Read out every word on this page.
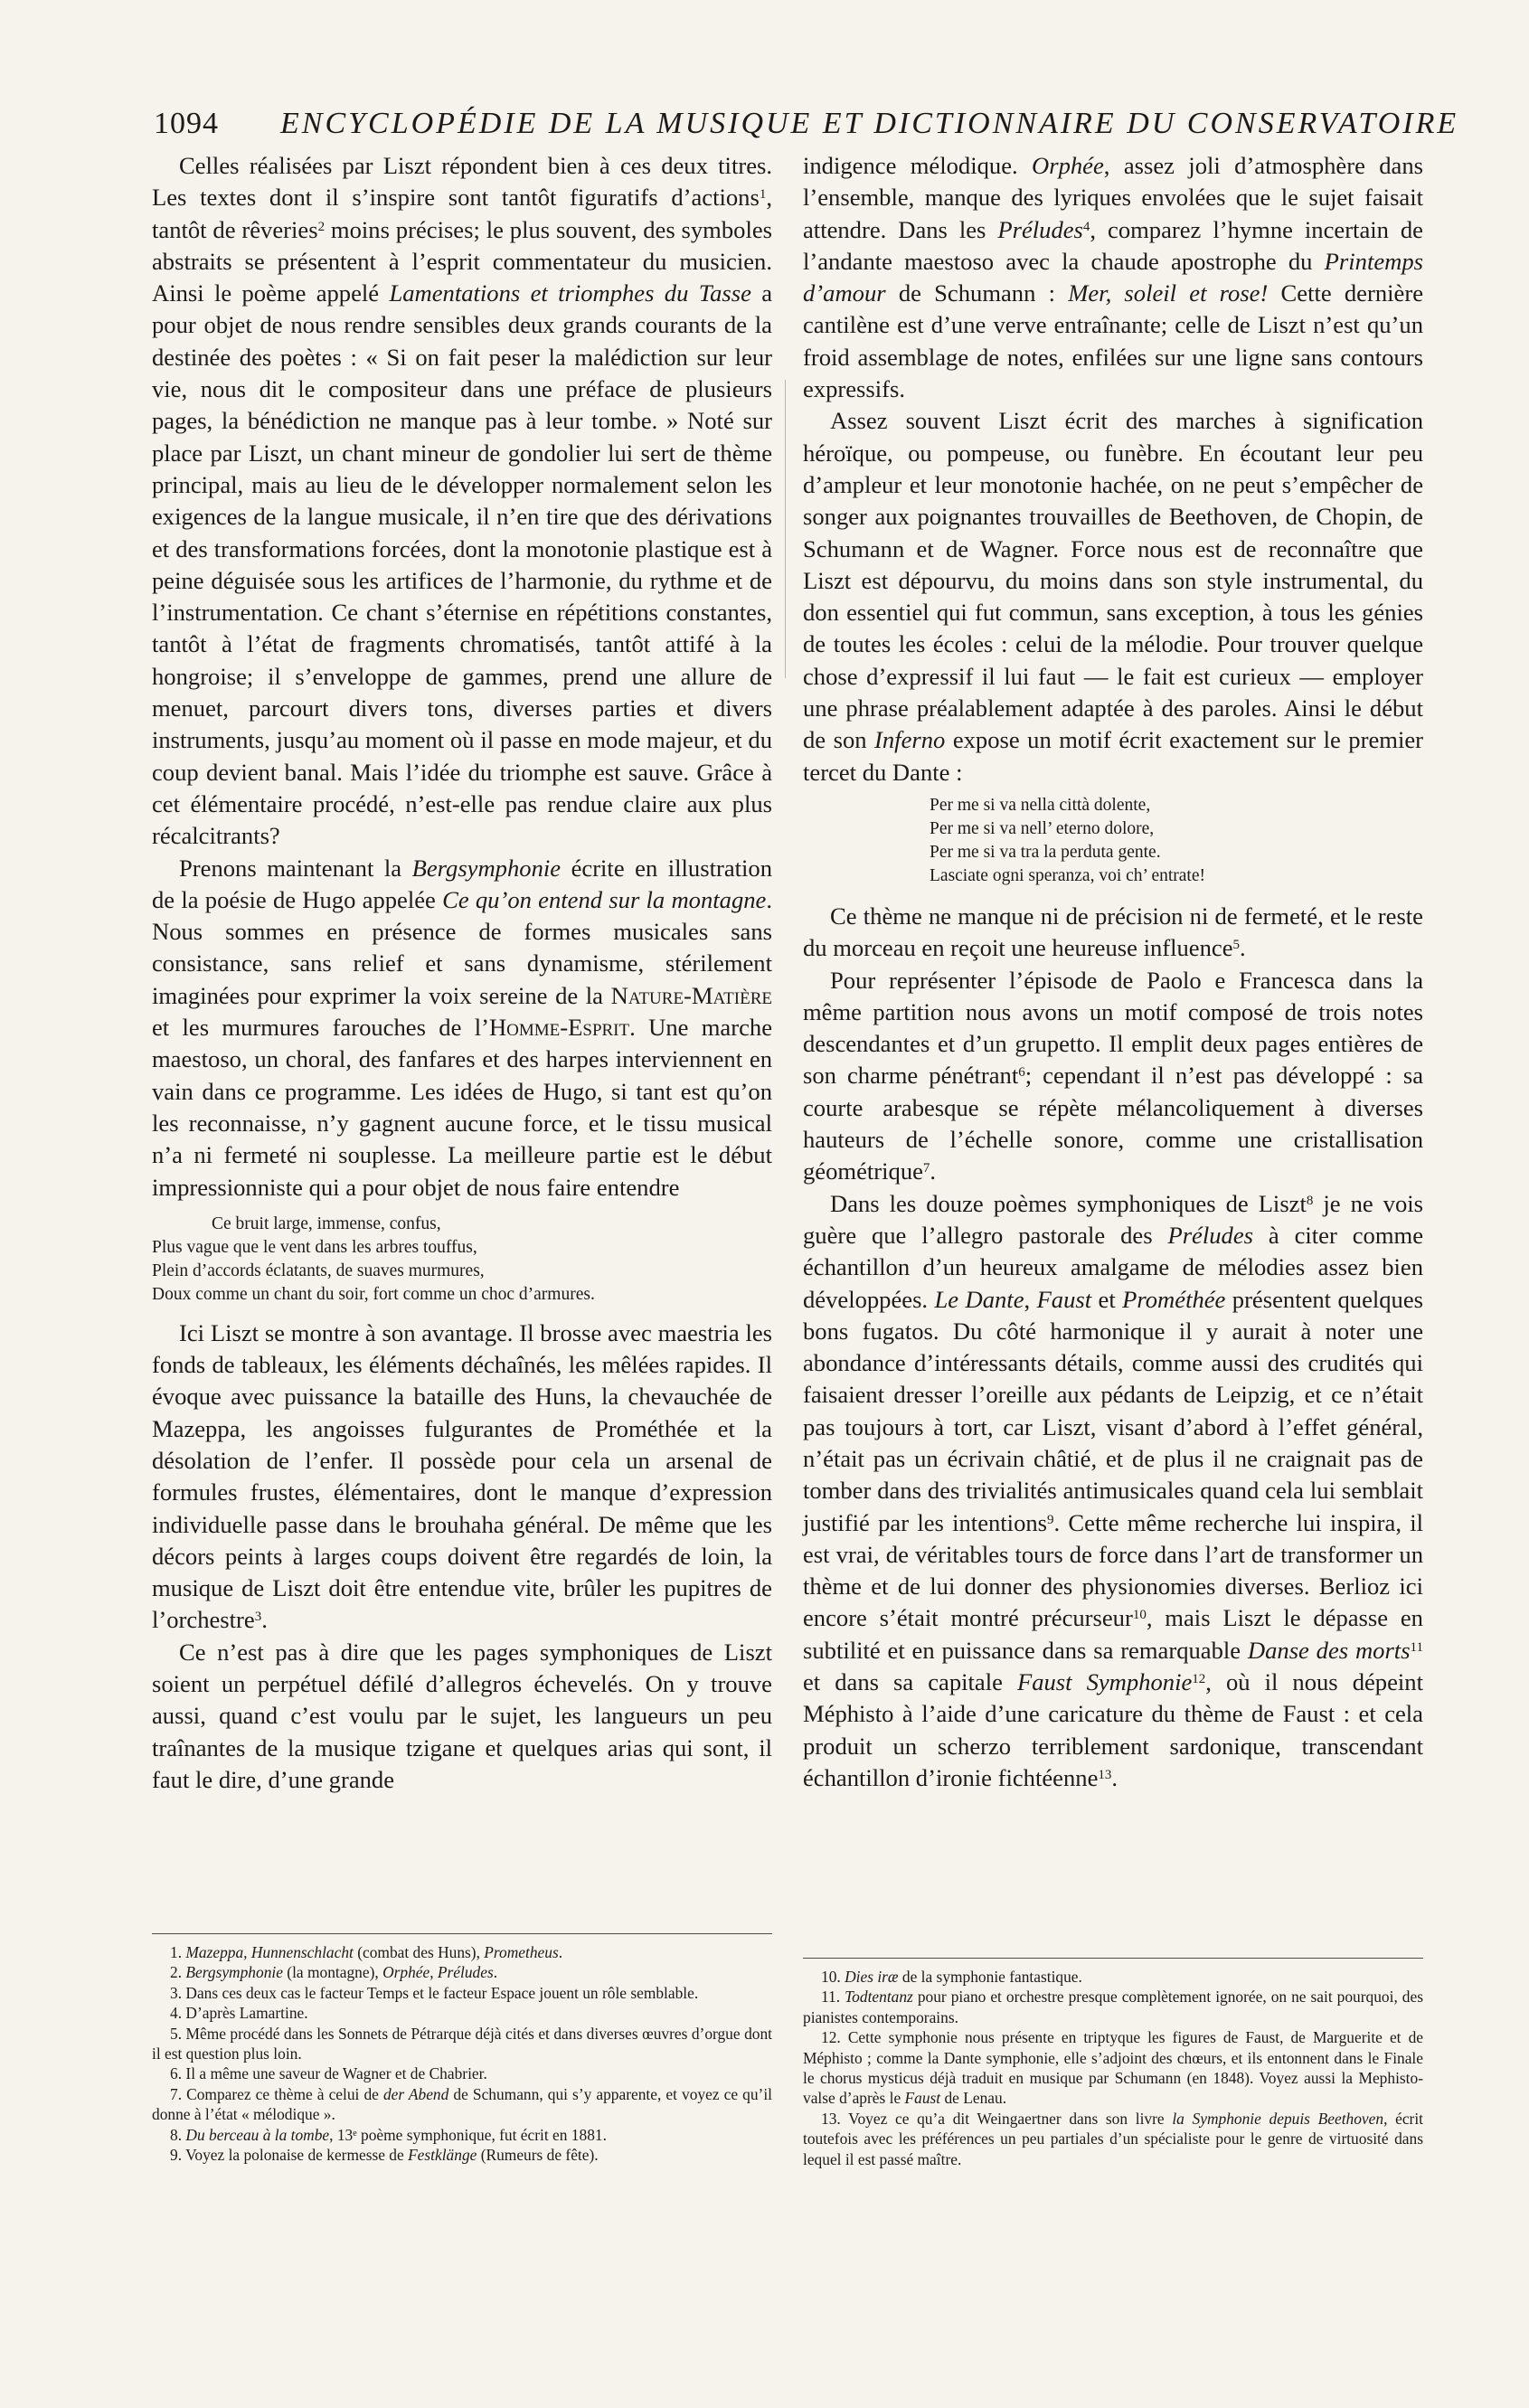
1094 ENCYCLOPÉDIE DE LA MUSIQUE ET DICTIONNAIRE DU CONSERVATOIRE

Celles réalisées par Liszt répondent bien à ces deux titres. Les textes dont il s’inspire sont tantôt figuratifs d’actions$^1$, tantôt de rêveries$^2$ moins précises; le plus souvent, des symboles abstraits se présentent à l’esprit commentateur du musicien. Ainsi le poème appelé Lamentations et triomphes du Tasse a pour objet de nous rendre sensibles deux grands courants de la destinée des poètes : « Si on fait peser la malédiction sur leur vie, nous dit le compositeur dans une préface de plusieurs pages, la bénédiction ne manque pas à leur tombe. » Noté sur place par Liszt, un chant mineur de gondolier lui sert de thème principal, mais au lieu de le développer normalement selon les exigences de la langue musicale, il n’en tire que des dérivations et des transformations forcées, dont la monotonie plastique est à peine déguisée sous les artifices de l’harmonie, du rythme et de l’instrumentation. Ce chant s’éternise en répétitions constantes, tantôt à l’état de fragments chromatisés, tantôt attifé à la hongroise; il s’enveloppe de gammes, prend une allure de menuet, parcourt divers tons, diverses parties et divers instruments, jusqu’au moment où il passe en mode majeur, et du coup devient banal. Mais l’idée du triomphe est sauve. Grâce à cet élémentaire procédé, n’est-elle pas rendue claire aux plus récalcitrants?

Prenons maintenant la Bergsymphonie écrite en illustration de la poésie de Hugo appelée Ce qu’on entend sur la montagne. Nous sommes en présence de formes musicales sans consistance, sans relief et sans dynamisme, stérilement imaginées pour exprimer la voix sereine de la Nature-Matière et les murmures farouches de l’Homme-Esprit. Une marche maestoso, un choral, des fanfares et des harpes interviennent en vain dans ce programme. Les idées de Hugo, si tant est qu’on les reconnaisse, n’y gagnent aucune force, et le tissu musical n’a ni fermeté ni souplesse. La meilleure partie est le début impressionniste qui a pour objet de nous faire entendre

Ce bruit large, immense, confus,
Plus vague que le vent dans les arbres touffus,
Plein d’accords éclatants, de suaves murmures,
Doux comme un chant du soir, fort comme un choc d’armures.

Ici Liszt se montre à son avantage. Il brosse avec maestria les fonds de tableaux, les éléments déchaînés, les mêlées rapides. Il évoque avec puissance la bataille des Huns, la chevauchée de Mazeppa, les angoisses fulgurantes de Prométhée et la désolation de l’enfer. Il possède pour cela un arsenal de formules frustes, élémentaires, dont le manque d’expression individuelle passe dans le brouhaha général. De même que les décors peints à larges coups doivent être regardés de loin, la musique de Liszt doit être entendue vite, brûler les pupitres de l’orchestre$^3$.

Ce n’est pas à dire que les pages symphoniques de Liszt soient un perpétuel défilé d’allegros échevelés. On y trouve aussi, quand c’est voulu par le sujet, les langueurs un peu traînantes de la musique tzigane et quelques arias qui sont, il faut le dire, d’une grande

indigence mélodique. Orphée, assez joli d’atmosphère dans l’ensemble, manque des lyriques envolées que le sujet faisait attendre. Dans les Préludes$^4$, comparez l’hymne incertain de l’andante maestoso avec la chaude apostrophe du Printemps d’amour de Schumann : Mer, soleil et rose! Cette dernière cantilène est d’une verve entraînante; celle de Liszt n’est qu’un froid assemblage de notes, enfilées sur une ligne sans contours expressifs.

Assez souvent Liszt écrit des marches à signification héroïque, ou pompeuse, ou funèbre. En écoutant leur peu d’ampleur et leur monotonie hachée, on ne peut s’empêcher de songer aux poignantes trouvailles de Beethoven, de Chopin, de Schumann et de Wagner. Force nous est de reconnaître que Liszt est dépourvu, du moins dans son style instrumental, du don essentiel qui fut commun, sans exception, à tous les génies de toutes les écoles : celui de la mélodie. Pour trouver quelque chose d’expressif il lui faut — le fait est curieux — employer une phrase préalablement adaptée à des paroles. Ainsi le début de son Inferno expose un motif écrit exactement sur le premier tercet du Dante :

Per me si va nella città dolente,
Per me si va nell’ eterno dolore,
Per me si va tra la perduta gente.
Lasciate ogni speranza, voi ch’ entrate!

Ce thème ne manque ni de précision ni de fermeté, et le reste du morceau en reçoit une heureuse influence$^5$.

Pour représenter l’épisode de Paolo e Francesca dans la même partition nous avons un motif composé de trois notes descendantes et d’un grupetto. Il emplit deux pages entières de son charme pénétrant$^6$; cependant il n’est pas développé : sa courte arabesque se répète mélancoliquement à diverses hauteurs de l’échelle sonore, comme une cristallisation géométrique$^7$.

Dans les douze poèmes symphoniques de Liszt$^8$ je ne vois guère que l’allegro pastorale des Préludes à citer comme échantillon d’un heureux amalgame de mélodies assez bien développées. Le Dante, Faust et Prométhée présentent quelques bons fugatos. Du côté harmonique il y aurait à noter une abondance d’intéressants détails, comme aussi des crudités qui faisaient dresser l’oreille aux pédants de Leipzig, et ce n’était pas toujours à tort, car Liszt, visant d’abord à l’effet général, n’était pas un écrivain châtié, et de plus il ne craignait pas de tomber dans des trivialités antimusicales quand cela lui semblait justifié par les intentions$^9$. Cette même recherche lui inspira, il est vrai, de véritables tours de force dans l’art de transformer un thème et de lui donner des physionomies diverses. Berlioz ici encore s’était montré précurseur$^{10}$, mais Liszt le dépasse en subtilité et en puissance dans sa remarquable Danse des morts$^{11}$ et dans sa capitale Faust Symphonie$^{12}$, où il nous dépeint Méphisto à l’aide d’une caricature du thème de Faust : et cela produit un scherzo terriblement sardonique, transcendant échantillon d’ironie fichtéenne$^{13}$.

1. Mazeppa, Hunnenschlacht (combat des Huns), Prometheus.
2. Bergsymphonie (la montagne), Orphée, Préludes.
3. Dans ces deux cas le facteur Temps et le facteur Espace jouent un rôle semblable.
4. D’après Lamartine.
5. Même procédé dans les Sonnets de Pétrarque déjà cités et dans diverses œuvres d’orgue dont il est question plus loin.
6. Il a même une saveur de Wagner et de Chabrier.
7. Comparez ce thème à celui de der Abend de Schumann, qui s’y apparente, et voyez ce qu’il donne à l’état « mélodique ».
8. Du berceau à la tombe, 13ᵉ poème symphonique, fut écrit en 1881.
9. Voyez la polonaise de kermesse de Festklänge (Rumeurs de fête).
10. Dies iræ de la symphonie fantastique.
11. Todtentanz pour piano et orchestre presque complètement ignorée, on ne sait pourquoi, des pianistes contemporains.
12. Cette symphonie nous présente en triptyque les figures de Faust, de Marguerite et de Méphisto ; comme la Dante symphonie, elle s’adjoint des chœurs, et ils entonnent dans le Finale le chorus mysticus déjà traduit en musique par Schumann (en 1848). Voyez aussi la Mephisto-valse d’après le Faust de Lenau.
13. Voyez ce qu’a dit Weingaertner dans son livre la Symphonie depuis Beethoven, écrit toutefois avec les préférences un peu partiales d’un spécialiste pour le genre de virtuosité dans lequel il est passé maître.
